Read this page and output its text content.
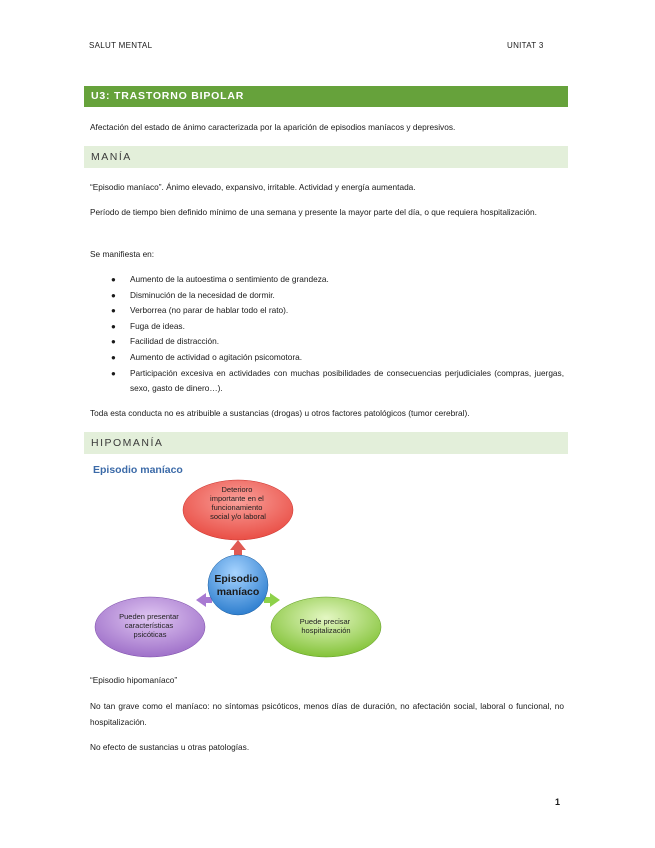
SALUT MENTAL	UNITAT 3
U3: TRASTORNO BIPOLAR
Afectación del estado de ánimo caracterizada por la aparición de episodios maníacos y depresivos.
MANÍA
“Episodio maníaco”. Ánimo elevado, expansivo, irritable. Actividad y energía aumentada.
Período de tiempo bien definido mínimo de una semana y presente la mayor parte del día, o que requiera hospitalización.
Se manifiesta en:
● Aumento de la autoestima o sentimiento de grandeza.
● Disminución de la necesidad de dormir.
● Verborrea (no parar de hablar todo el rato).
● Fuga de ideas.
● Facilidad de distracción.
● Aumento de actividad o agitación psicomotora.
● Participación excesiva en actividades con muchas posibilidades de consecuencias perjudiciales (compras, juergas, sexo, gasto de dinero…).
Toda esta conducta no es atribuible a sustancias (drogas) u otros factores patológicos (tumor cerebral).
HIPOMANÍA
Episodio maníaco
Deterioro importante en el funcionamiento social y/o laboral
Pueden presentar características psicóticas
Puede precisar hospitalización
Episodio maníaco
“Episodio hipomaníaco”
No tan grave como el maníaco: no síntomas psicóticos, menos días de duración, no afectación social, laboral o funcional, no hospitalización.
No efecto de sustancias u otras patologías.
1
